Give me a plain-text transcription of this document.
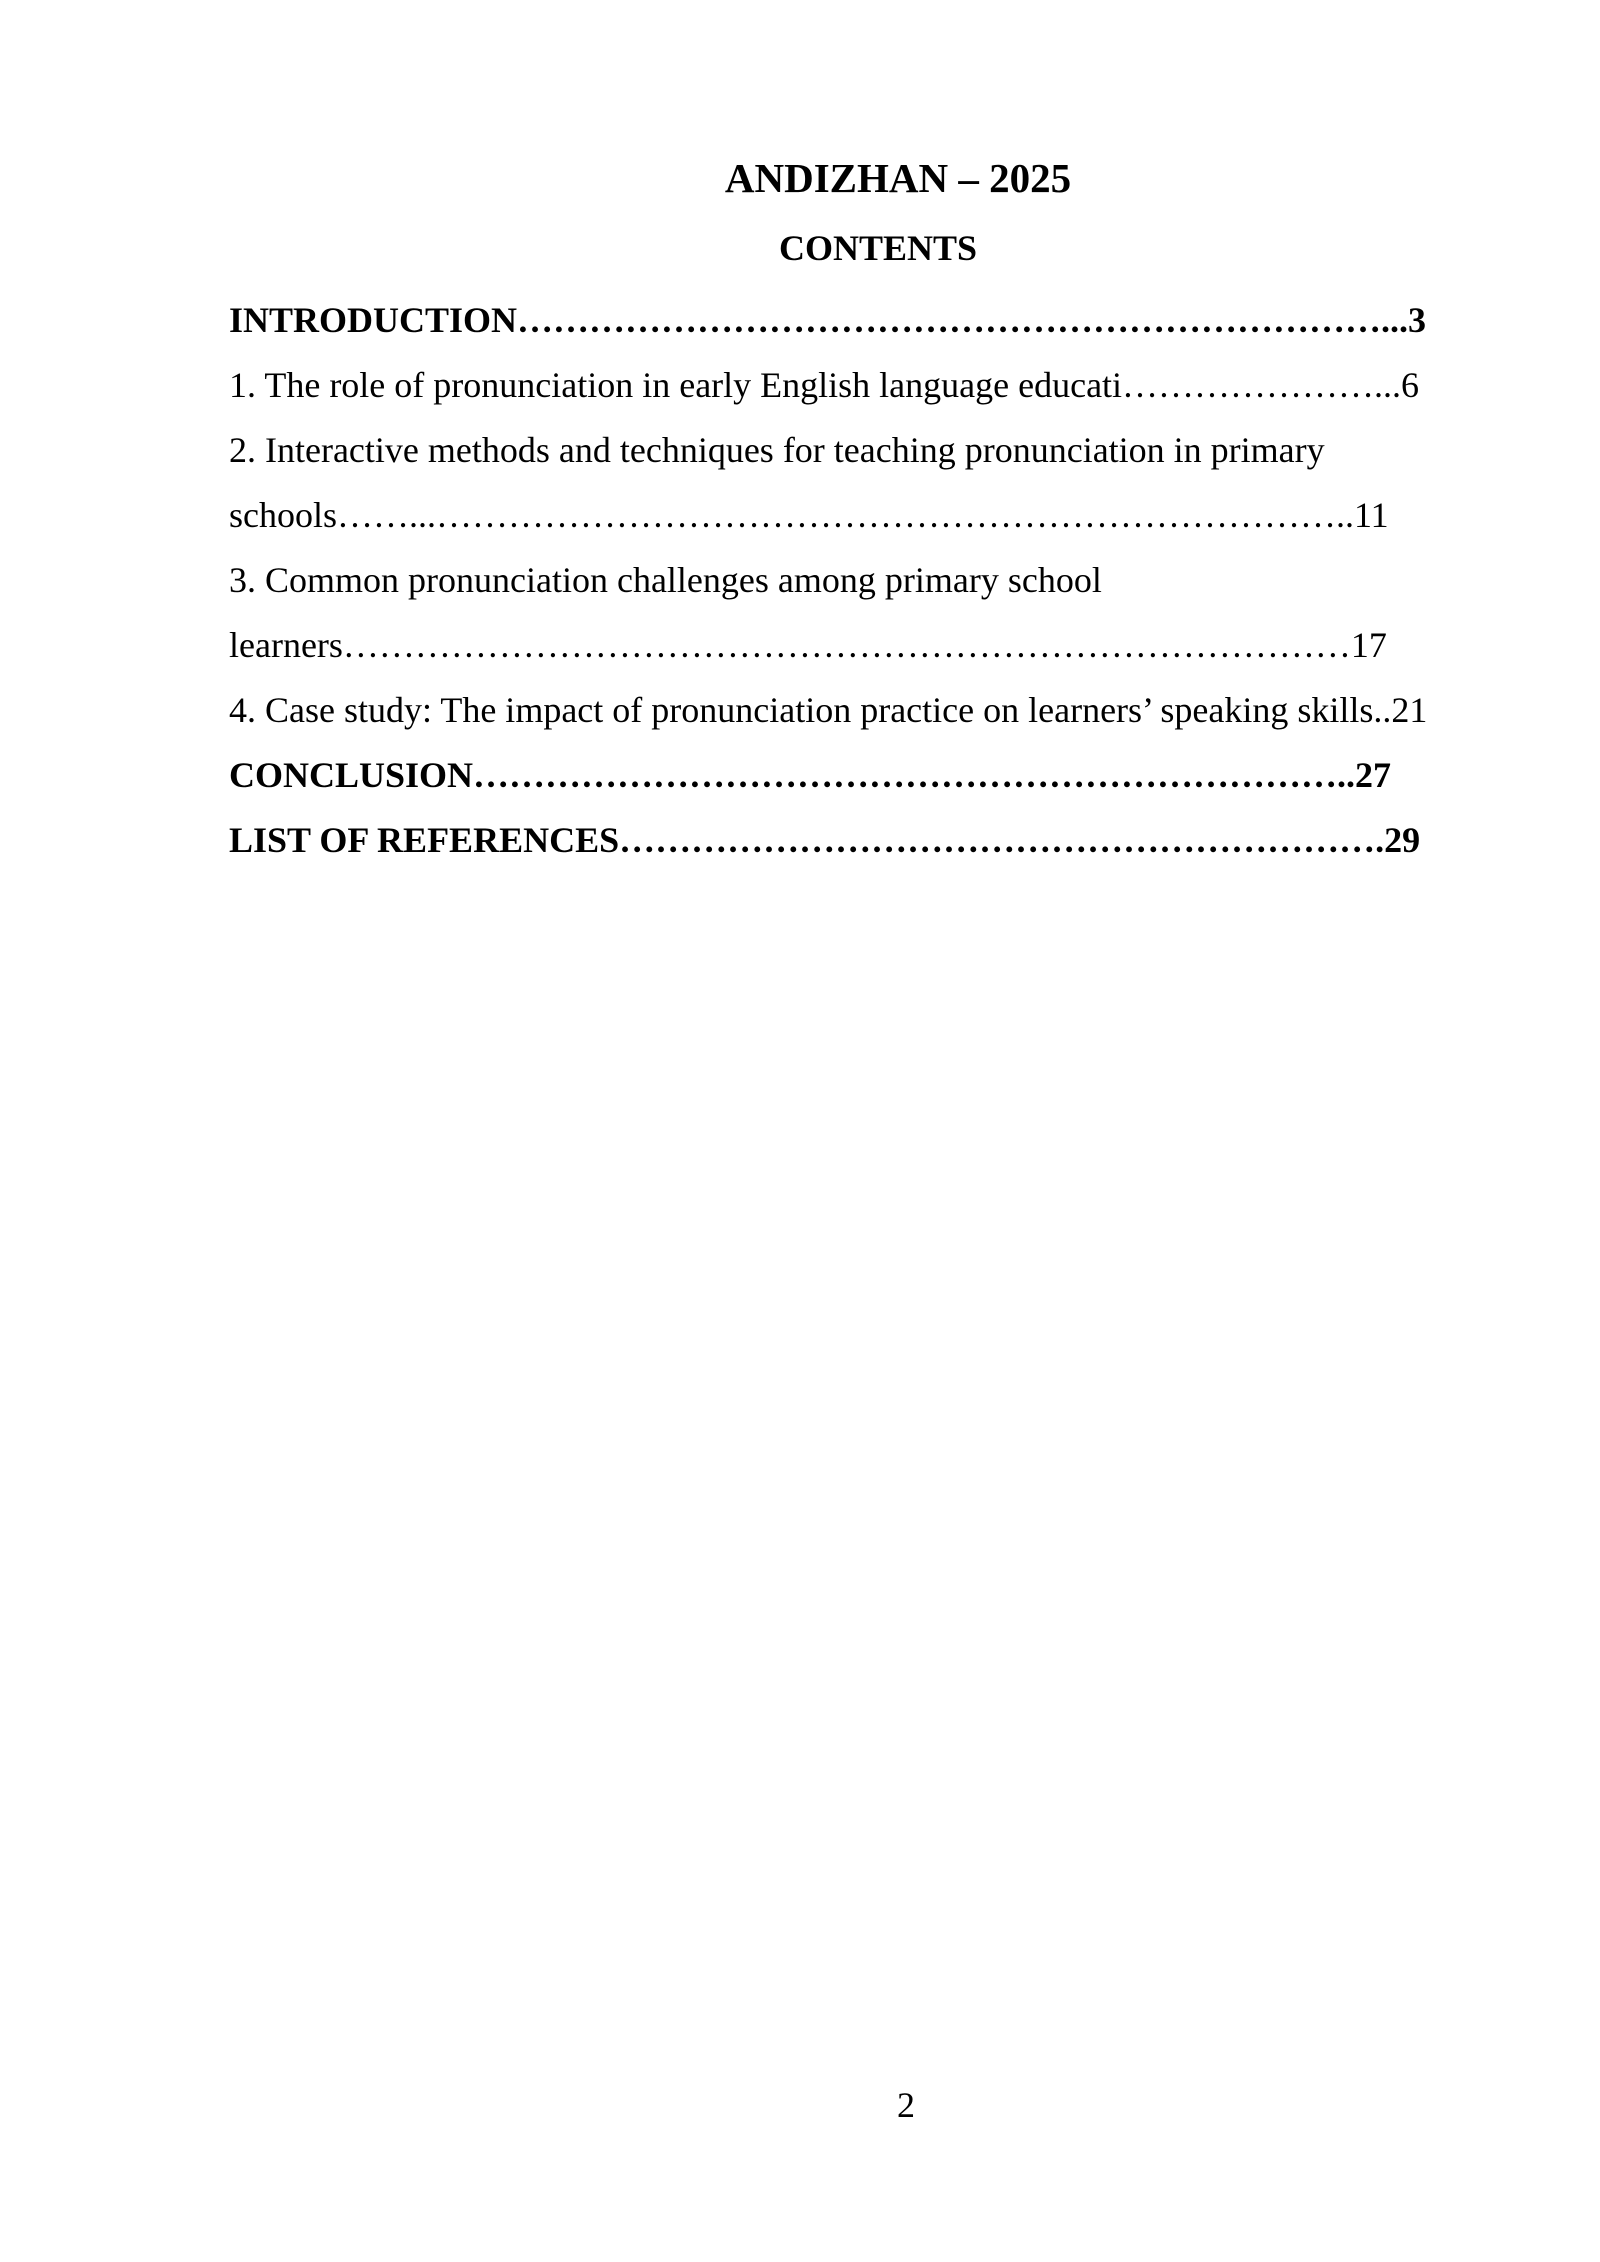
ANDIZHAN – 2025
CONTENTS
INTRODUCTION………………………………………………………………...3
1. The role of pronunciation in early English language educati…………………...6
2. Interactive methods and techniques for teaching pronunciation in primary
schools……...…………………………………………………………………..11
3. Common pronunciation challenges among primary school
learners…………………………………………………………………………17
4. Case study: The impact of pronunciation practice on learners’ speaking skills..21
CONCLUSION………………………………………………………………..27
LIST OF REFERENCES……………………………………………………….29
2
